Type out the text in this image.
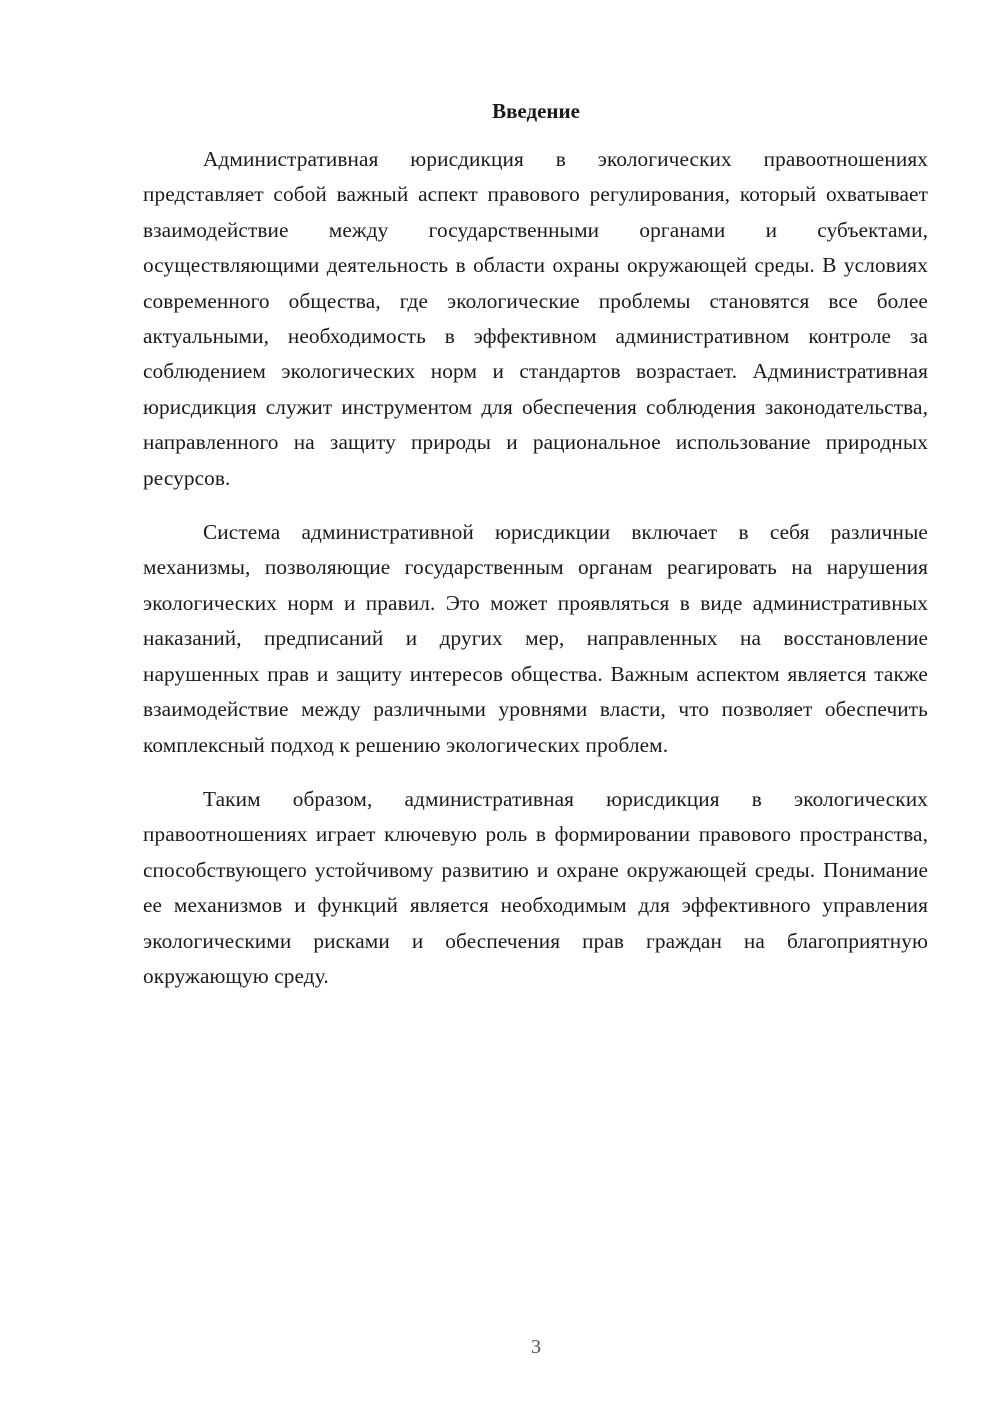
Введение

Административная юрисдикция в экологических правоотношениях представляет собой важный аспект правового регулирования, который охватывает взаимодействие между государственными органами и субъектами, осуществляющими деятельность в области охраны окружающей среды. В условиях современного общества, где экологические проблемы становятся все более актуальными, необходимость в эффективном административном контроле за соблюдением экологических норм и стандартов возрастает. Административная юрисдикция служит инструментом для обеспечения соблюдения законодательства, направленного на защиту природы и рациональное использование природных ресурсов.

Система административной юрисдикции включает в себя различные механизмы, позволяющие государственным органам реагировать на нарушения экологических норм и правил. Это может проявляться в виде административных наказаний, предписаний и других мер, направленных на восстановление нарушенных прав и защиту интересов общества. Важным аспектом является также взаимодействие между различными уровнями власти, что позволяет обеспечить комплексный подход к решению экологических проблем.

Таким образом, административная юрисдикция в экологических правоотношениях играет ключевую роль в формировании правового пространства, способствующего устойчивому развитию и охране окружающей среды. Понимание ее механизмов и функций является необходимым для эффективного управления экологическими рисками и обеспечения прав граждан на благоприятную окружающую среду.

3
